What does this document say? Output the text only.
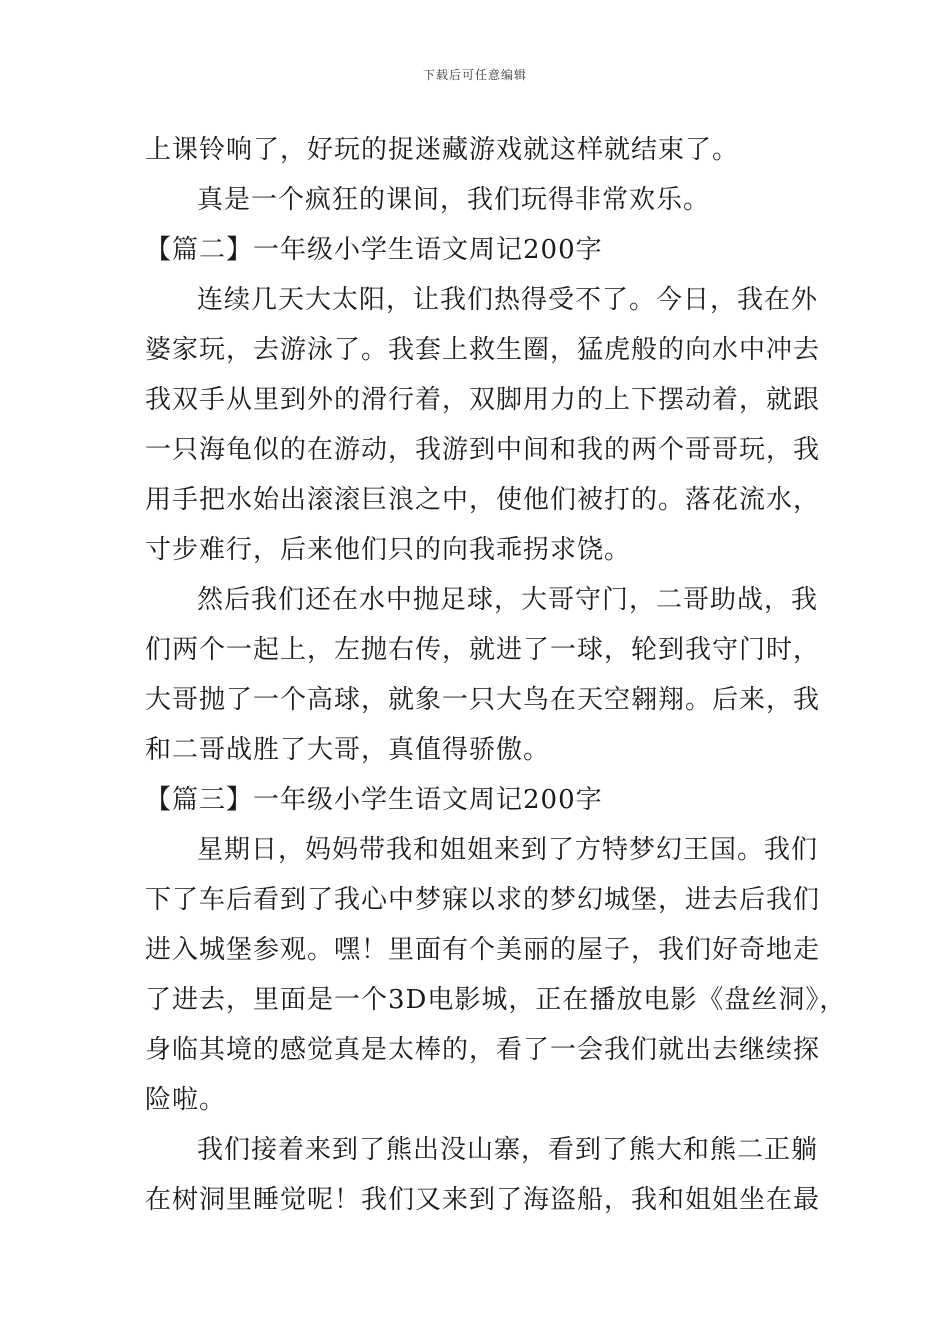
下载后可任意编辑
上课铃响了，好玩的捉迷藏游戏就这样就结束了。
真是一个疯狂的课间，我们玩得非常欢乐。
【篇二】一年级小学生语文周记200字
连续几天大太阳，让我们热得受不了。今日，我在外
婆家玩，去游泳了。我套上救生圈，猛虎般的向水中冲去
我双手从里到外的滑行着，双脚用力的上下摆动着，就跟
一只海龟似的在游动，我游到中间和我的两个哥哥玩，我
用手把水始出滚滚巨浪之中，使他们被打的。落花流水，
寸步难行，后来他们只的向我乖拐求饶。
然后我们还在水中抛足球，大哥守门，二哥助战，我
们两个一起上，左抛右传，就进了一球，轮到我守门时，
大哥抛了一个高球，就象一只大鸟在天空翱翔。后来，我
和二哥战胜了大哥，真值得骄傲。
【篇三】一年级小学生语文周记200字
星期日，妈妈带我和姐姐来到了方特梦幻王国。我们
下了车后看到了我心中梦寐以求的梦幻城堡，进去后我们
进入城堡参观。嘿！里面有个美丽的屋子，我们好奇地走
了进去，里面是一个3D电影城，正在播放电影《盘丝洞》，
身临其境的感觉真是太棒的，看了一会我们就出去继续探
险啦。
我们接着来到了熊出没山寨，看到了熊大和熊二正躺
在树洞里睡觉呢！我们又来到了海盗船，我和姐姐坐在最
